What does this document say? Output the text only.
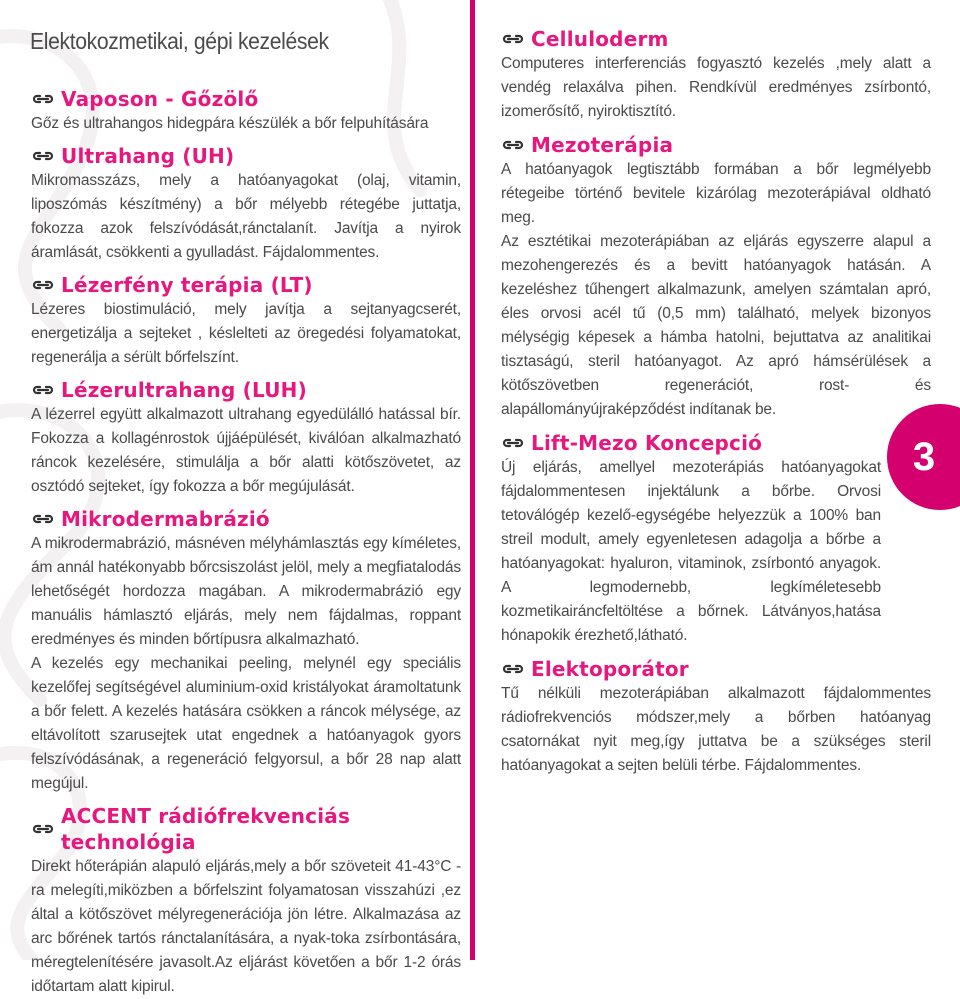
Elektokozmetikai, gépi kezelések
Vaposon - Gőzölő

Gőz és ultrahangos hidegpára készülék a bőr felpuhítására

Ultrahang (UH)

Mikromasszázs, mely a hatóanyagokat (olaj, vitamin, liposzómás készítmény) a bőr mélyebb rétegébe juttatja, fokozza azok felszívódását,ránctalanít. Javítja a nyirok áramlását, csökkenti a gyulladást. Fájdalommentes.

Lézerfény terápia (LT)

Lézeres biostimuláció, mely javítja a sejtanyagcserét, energetizálja a sejteket , késlelteti az öregedési folyamatokat, regenerálja a sérült bőrfelszínt.

Lézerultrahang (LUH)

A lézerrel együtt alkalmazott ultrahang egyedülálló hatással bír. Fokozza a kollagénrostok újjáépülését, kiválóan alkalmazható ráncok kezelésére, stimulálja a bőr alatti kötőszövetet, az osztódó sejteket, így fokozza a bőr megújulását.

Mikrodermabrázió

A mikrodermabrázió, másnéven mélyhámlasztás egy kíméletes, ám annál hatékonyabb bőrcsiszolást jelöl, mely a megfiatalodás lehetőségét hordozza magában. A mikrodermabrázió egy manuális hámlasztó eljárás, mely nem fájdalmas, roppant eredményes és minden bőrtípusra alkalmazható.

A kezelés egy mechanikai peeling, melynél egy speciális kezelőfej segítségével aluminium-oxid kristályokat áramoltatunk a bőr felett. A kezelés hatására csökken a ráncok mélysége, az eltávolított szarusejtek utat engednek a hatóanyagok gyors felszívódásának, a regeneráció felgyorsul, a bőr 28 nap alatt megújul.

ACCENT rádiófrekvenciás technológia

Direkt hőterápián alapuló eljárás,mely a bőr szöveteit 41-43°C -ra melegíti,miközben a bőrfelszint folyamatosan visszahúzi ,ez által a kötőszövet mélyregenerációja jön létre. Alkalmazása az arc bőrének tartós ránctalanítására, a nyak-toka zsírbontására, méregtelenítésére javasolt.Az eljárást követően a bőr 1-2 órás időtartam alatt kipirul.

Celluloderm

Computeres interferenciás fogyasztó kezelés ,mely alatt a vendég relaxálva pihen. Rendkívül eredményes zsírbontó, izomerősítő, nyiroktisztító.

Mezoterápia

A hatóanyagok legtisztább formában a bőr legmélyebb rétegeibe történő bevitele kizárólag mezoterápiával oldható meg.

Az esztétikai mezoterápiában az eljárás egyszerre alapul a mezohengerezés és a bevitt hatóanyagok hatásán. A kezeléshez tűhengert alkalmazunk, amelyen számtalan apró, éles orvosi acél tű (0,5 mm) található, melyek bizonyos mélységig képesek a hámba hatolni, bejuttatva az analitikai tisztaságú, steril hatóanyagot. Az apró hámsérülések a kötőszövetben regenerációt, rost- és alapállományújraképződést indítanak be.

Lift-Mezo Koncepció

Új eljárás, amellyel mezoterápiás hatóanyagokat fájdalommentesen injektálunk a bőrbe. Orvosi tetoválógép kezelő-egységébe helyezzük a 100% ban streil modult, amely egyenletesen adagolja a bőrbe a hatóanyagokat: hyaluron, vitaminok, zsírbontó anyagok. A legmodernebb, legkíméletesebb kozmetikairáncfeltöltése a bőrnek. Látványos,hatása hónapokik érezhető,látható.

Elektoporátor

Tű nélküli mezoterápiában alkalmazott fájdalommentes rádiofrekvenciós módszer,mely a bőrben hatóanyag csatornákat nyit meg,így juttatva be a szükséges steril hatóanyagokat a sejten belüli térbe. Fájdalommentes.

3
